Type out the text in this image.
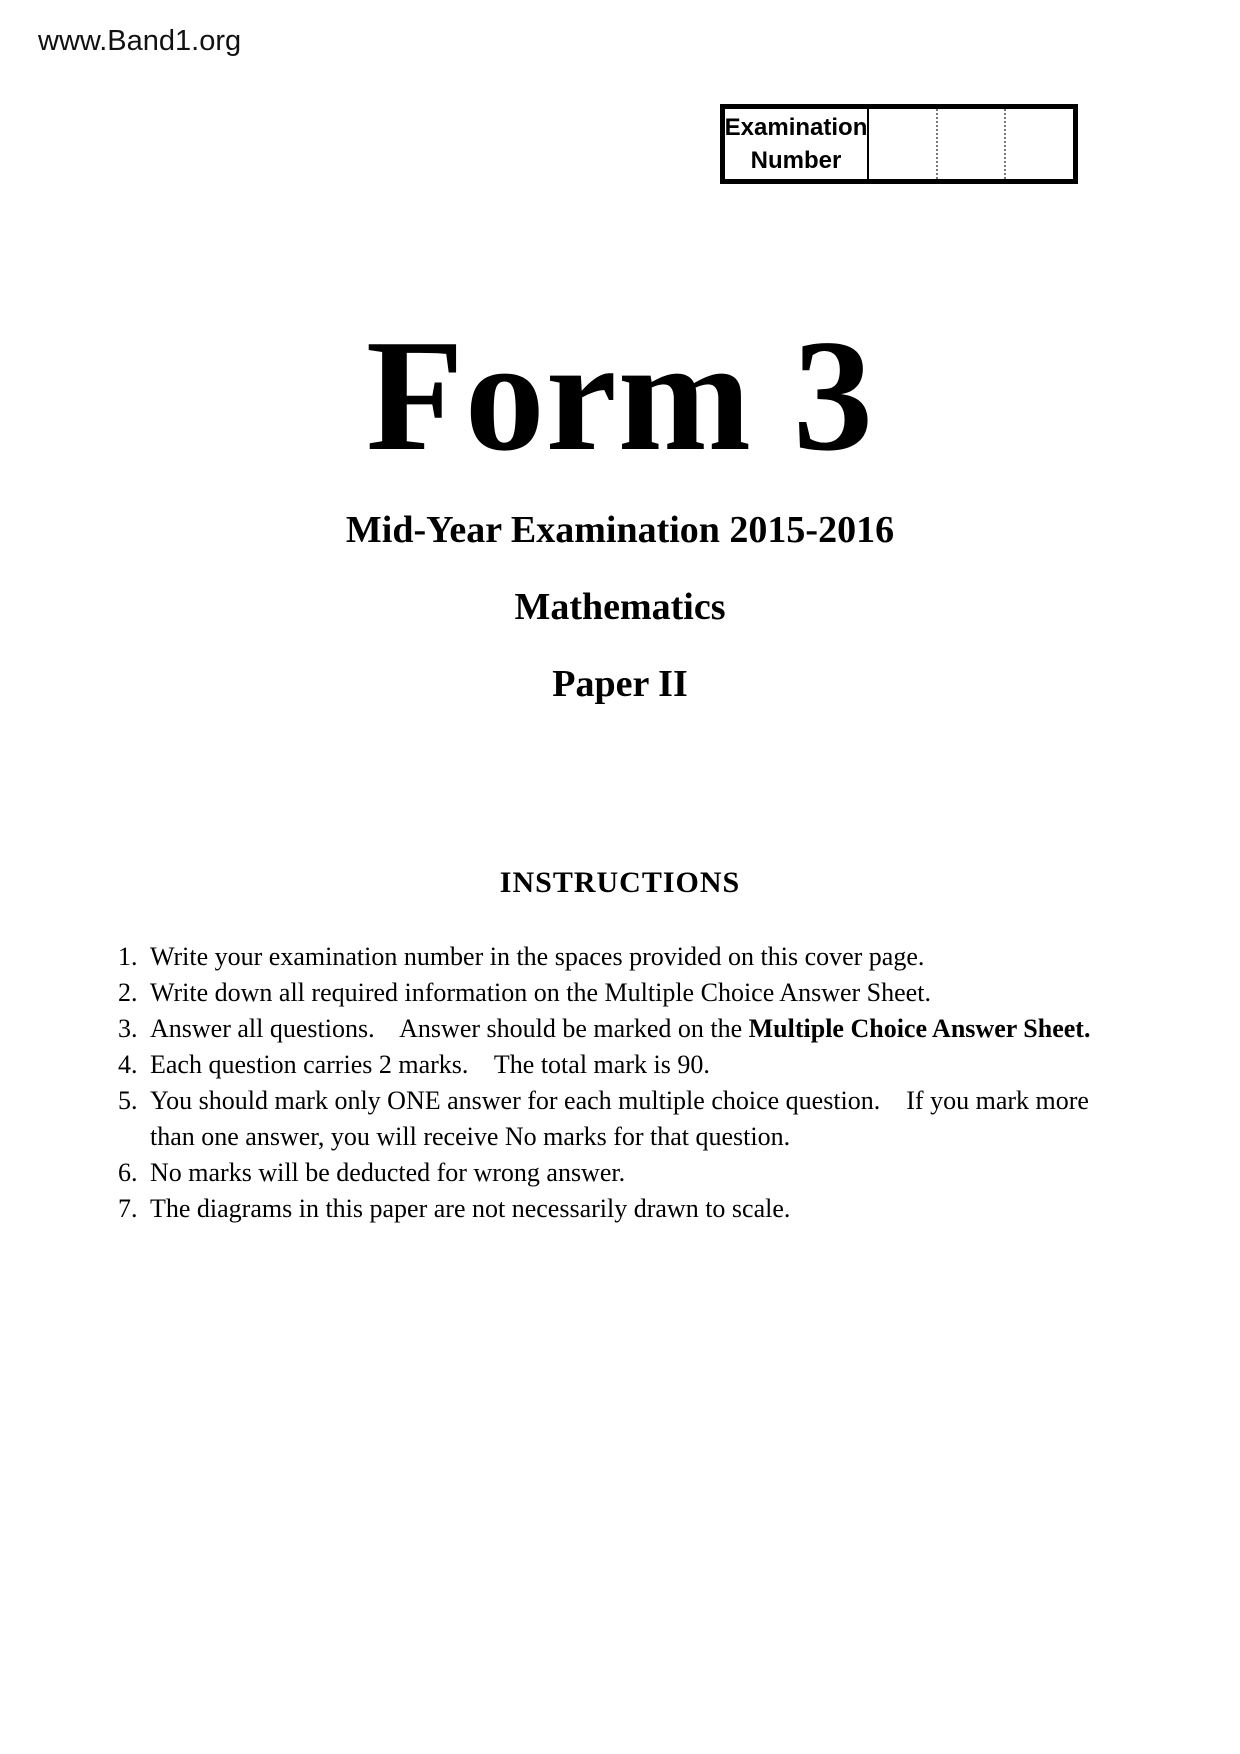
www.Band1.org
Examination
Number
Form 3
Mid-Year Examination 2015-2016
Mathematics
Paper II
INSTRUCTIONS
1. Write your examination number in the spaces provided on this cover page.
2. Write down all required information on the Multiple Choice Answer Sheet.
3. Answer all questions.    Answer should be marked on the Multiple Choice Answer Sheet.
4. Each question carries 2 marks.    The total mark is 90.
5. You should mark only ONE answer for each multiple choice question.    If you mark more than one answer, you will receive No marks for that question.
6. No marks will be deducted for wrong answer.
7. The diagrams in this paper are not necessarily drawn to scale.
